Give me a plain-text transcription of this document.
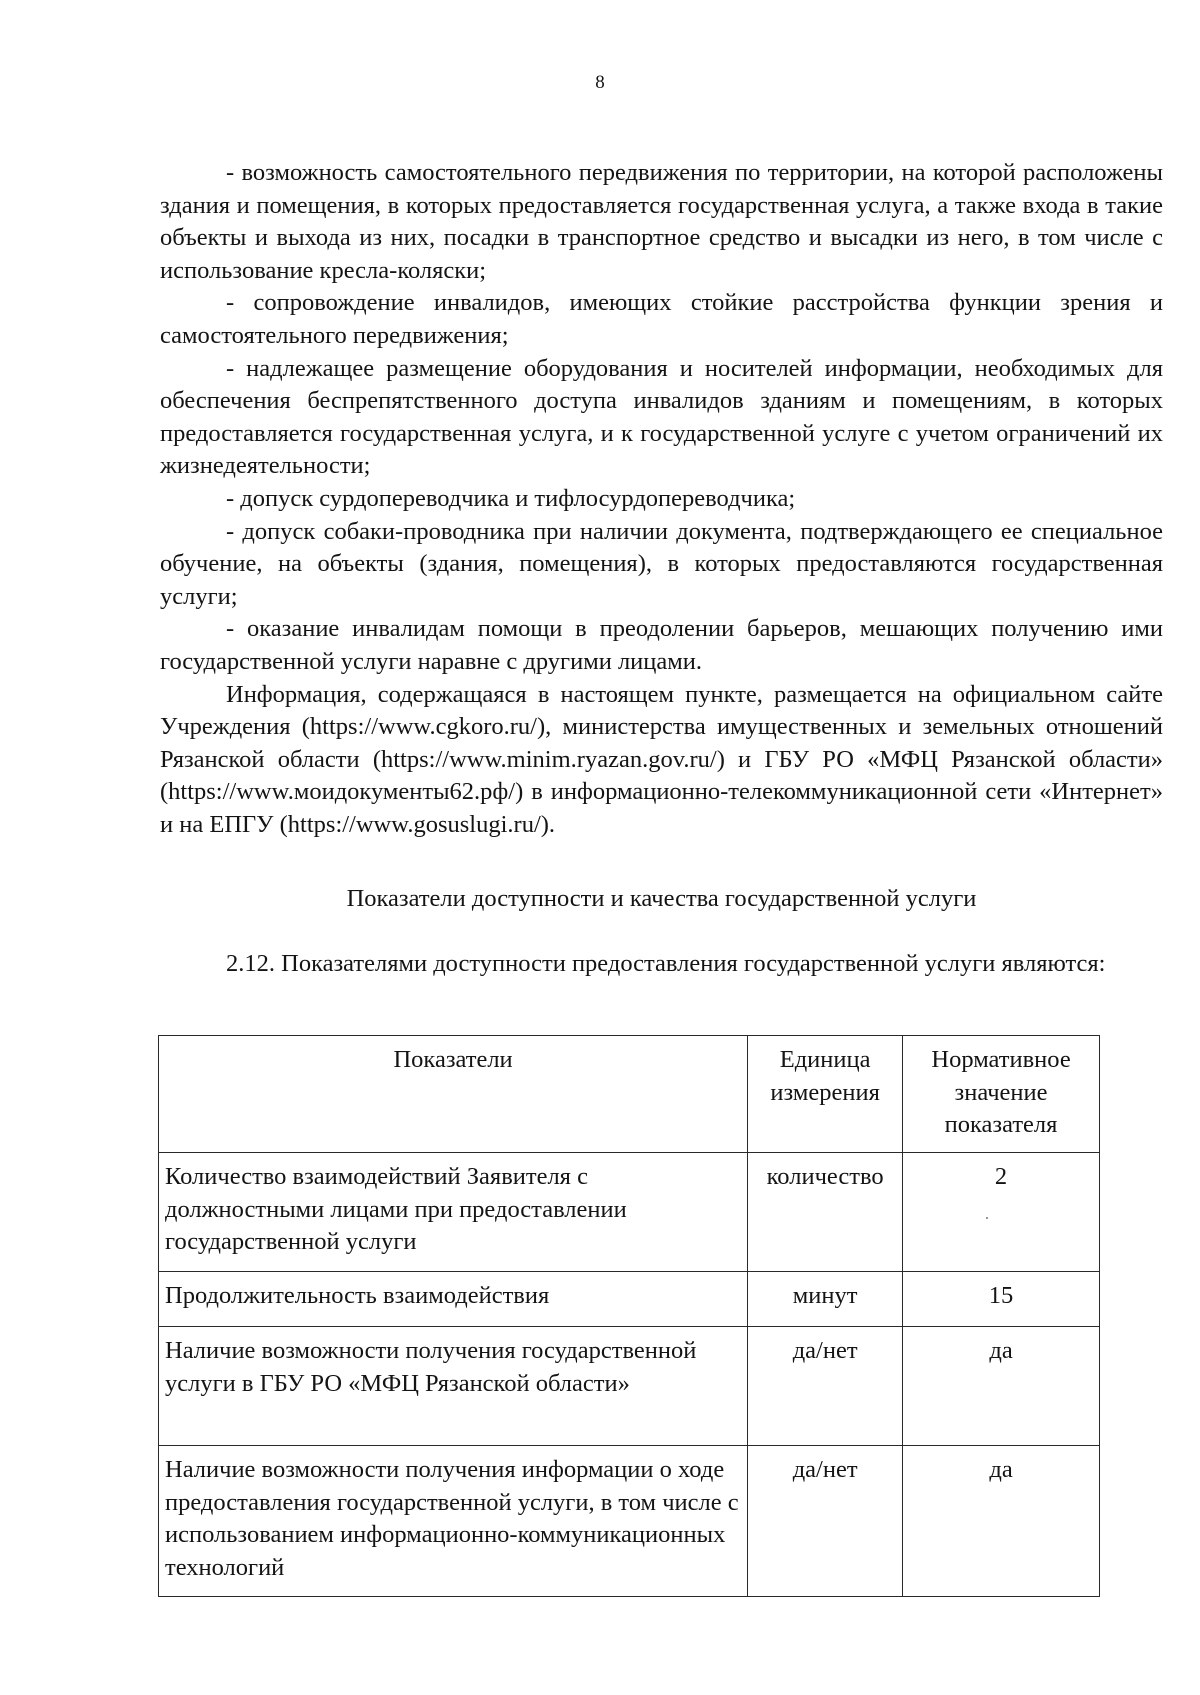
8

- возможность самостоятельного передвижения по территории, на которой расположены здания и помещения, в которых предоставляется государственная услуга, а также входа в такие объекты и выхода из них, посадки в транспортное средство и высадки из него, в том числе с использование кресла-коляски;

- сопровождение инвалидов, имеющих стойкие расстройства функции зрения и самостоятельного передвижения;

- надлежащее размещение оборудования и носителей информации, необходимых для обеспечения беспрепятственного доступа инвалидов зданиям и помещениям, в которых предоставляется государственная услуга, и к государственной услуге с учетом ограничений их жизнедеятельности;

- допуск сурдопереводчика и тифлосурдопереводчика;

- допуск собаки-проводника при наличии документа, подтверждающего ее специальное обучение, на объекты (здания, помещения), в которых предоставляются государственная услуги;

- оказание инвалидам помощи в преодолении барьеров, мешающих получению ими государственной услуги наравне с другими лицами.

Информация, содержащаяся в настоящем пункте, размещается на официальном сайте Учреждения (https://www.cgkoro.ru/), министерства имущественных и земельных отношений Рязанской области (https://www.minim.ryazan.gov.ru/) и ГБУ РО «МФЦ Рязанской области» (https://www.моидокументы62.рф/) в информационно-телекоммуникационной сети «Интернет» и на ЕПГУ (https://www.gosuslugi.ru/).

Показатели доступности и качества государственной услуги

2.12. Показателями доступности предоставления государственной услуги являются:

Показатели	Единица измерения	Нормативное значение показателя
Количество взаимодействий Заявителя с должностными лицами при предоставлении государственной услуги	количество	2
Продолжительность взаимодействия	минут	15
Наличие возможности получения государственной услуги в ГБУ РО «МФЦ Рязанской области»	да/нет	да
Наличие возможности получения информации о ходе предоставления государственной услуги, в том числе с использованием информационно-коммуникационных технологий	да/нет	да
